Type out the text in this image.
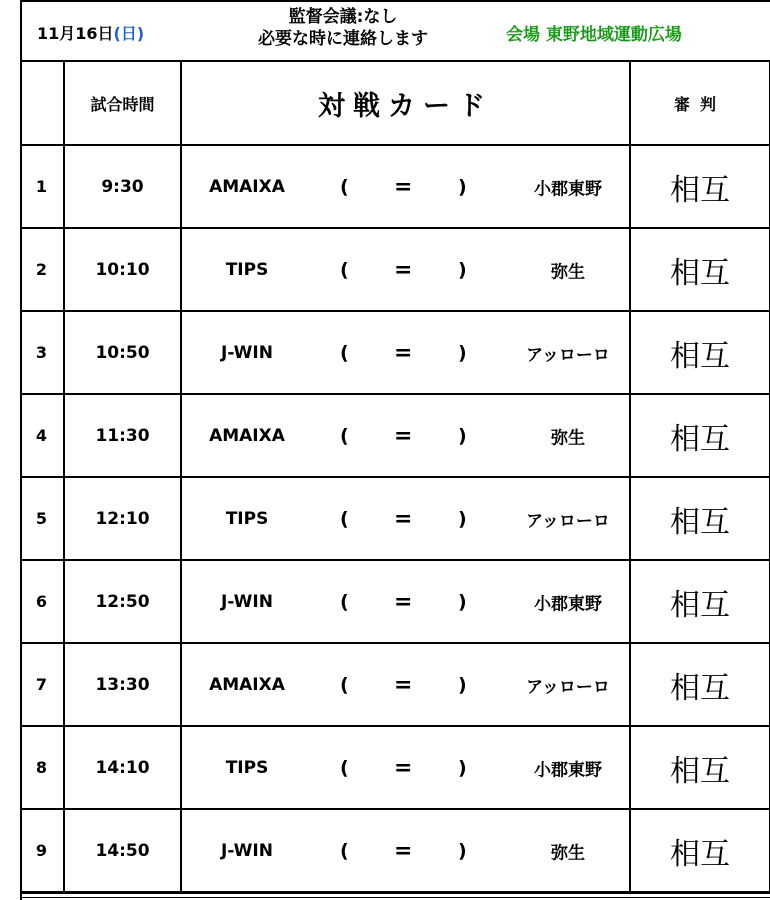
11月16日(日)
監督会議:なし
必要な時に連絡します	会場 東野地域運動広場
	試合時間	対戦カード	審判
1	9:30	AMAIXA ( = ) 小郡東野	相互
2	10:10	TIPS ( = ) 弥生	相互
3	10:50	J-WIN ( = ) アッローロ	相互
4	11:30	AMAIXA ( = ) 弥生	相互
5	12:10	TIPS ( = ) アッローロ	相互
6	12:50	J-WIN ( = ) 小郡東野	相互
7	13:30	AMAIXA ( = ) アッローロ	相互
8	14:10	TIPS ( = ) 小郡東野	相互
9	14:50	J-WIN ( = ) 弥生	相互
